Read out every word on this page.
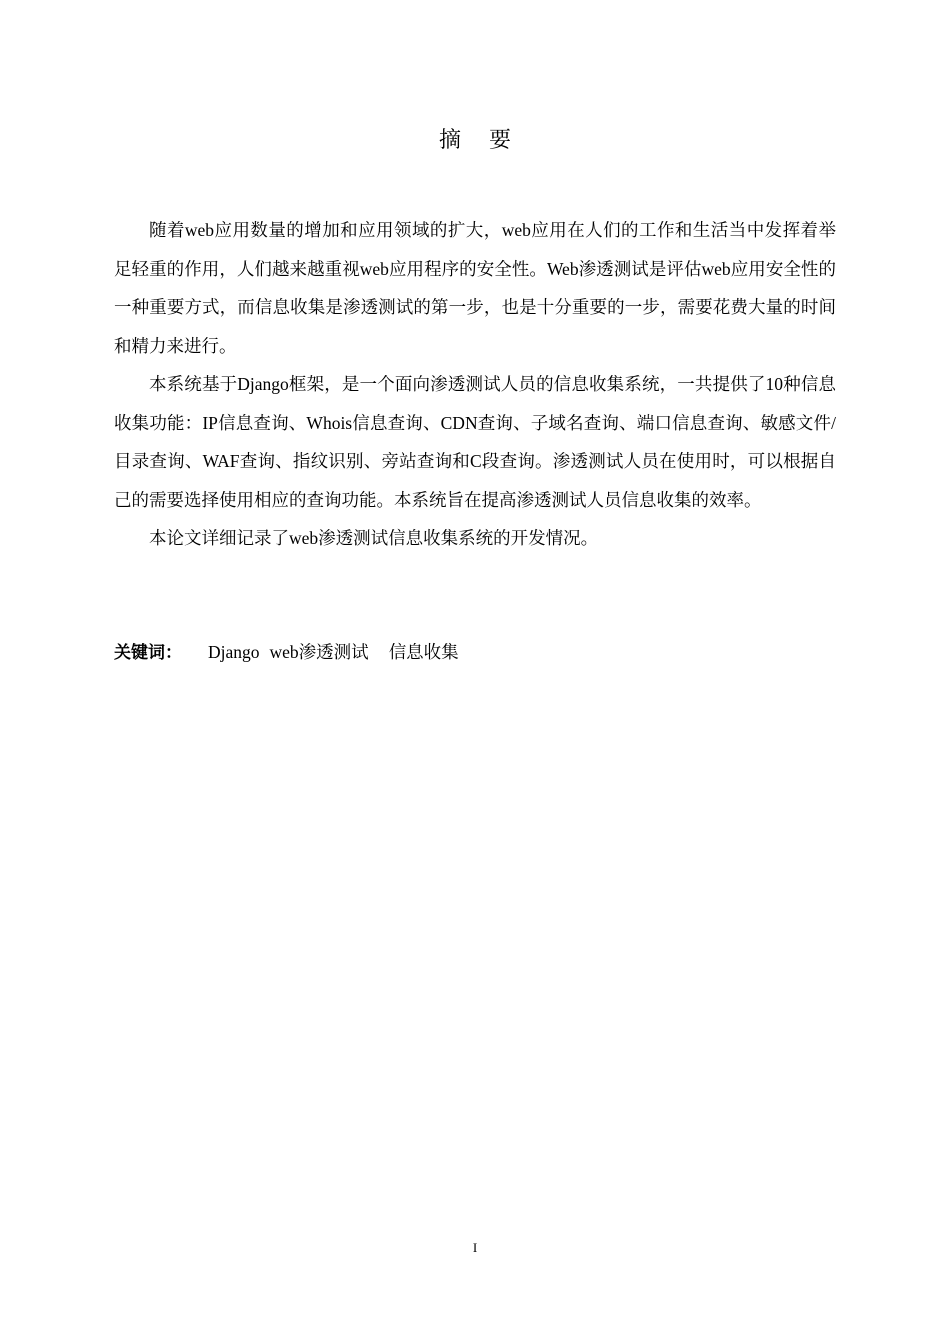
摘要

随着web应用数量的增加和应用领域的扩大，web应用在人们的工作和生活当中发挥着举足轻重的作用，人们越来越重视web应用程序的安全性。Web渗透测试是评估web应用安全性的一种重要方式，而信息收集是渗透测试的第一步，也是十分重要的一步，需要花费大量的时间和精力来进行。

本系统基于Django框架，是一个面向渗透测试人员的信息收集系统，一共提供了10种信息收集功能：IP信息查询、Whois信息查询、CDN查询、子域名查询、端口信息查询、敏感文件/目录查询、WAF查询、指纹识别、旁站查询和C段查询。渗透测试人员在使用时，可以根据自己的需要选择使用相应的查询功能。本系统旨在提高渗透测试人员信息收集的效率。

本论文详细记录了web渗透测试信息收集系统的开发情况。

关键词： Django web渗透测试 信息收集
I
